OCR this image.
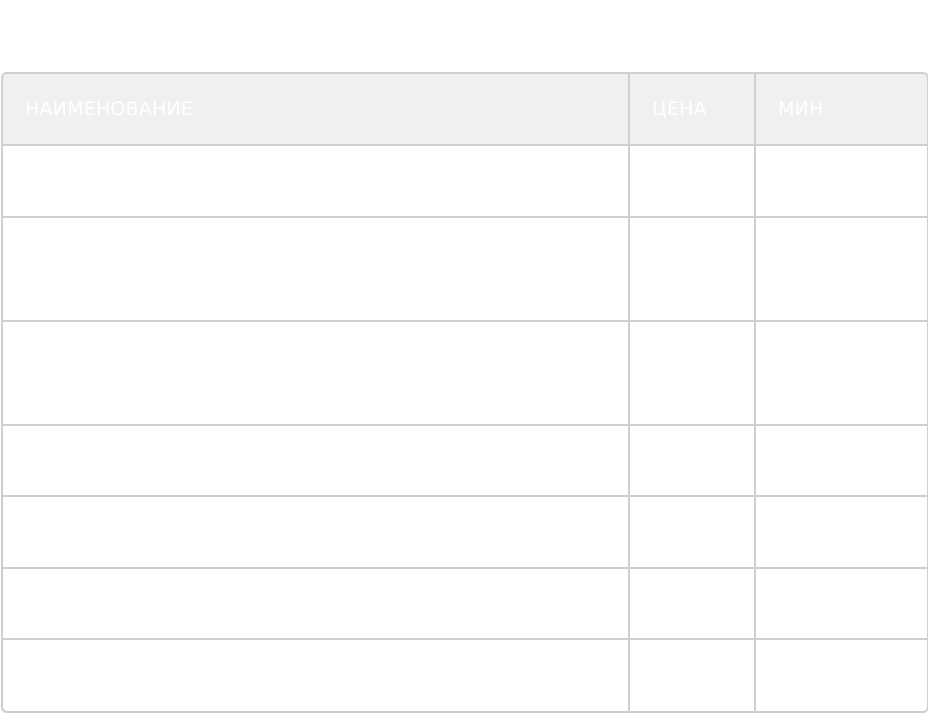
НАИМЕНОВАНИЕ	ЦЕНА	МИН
